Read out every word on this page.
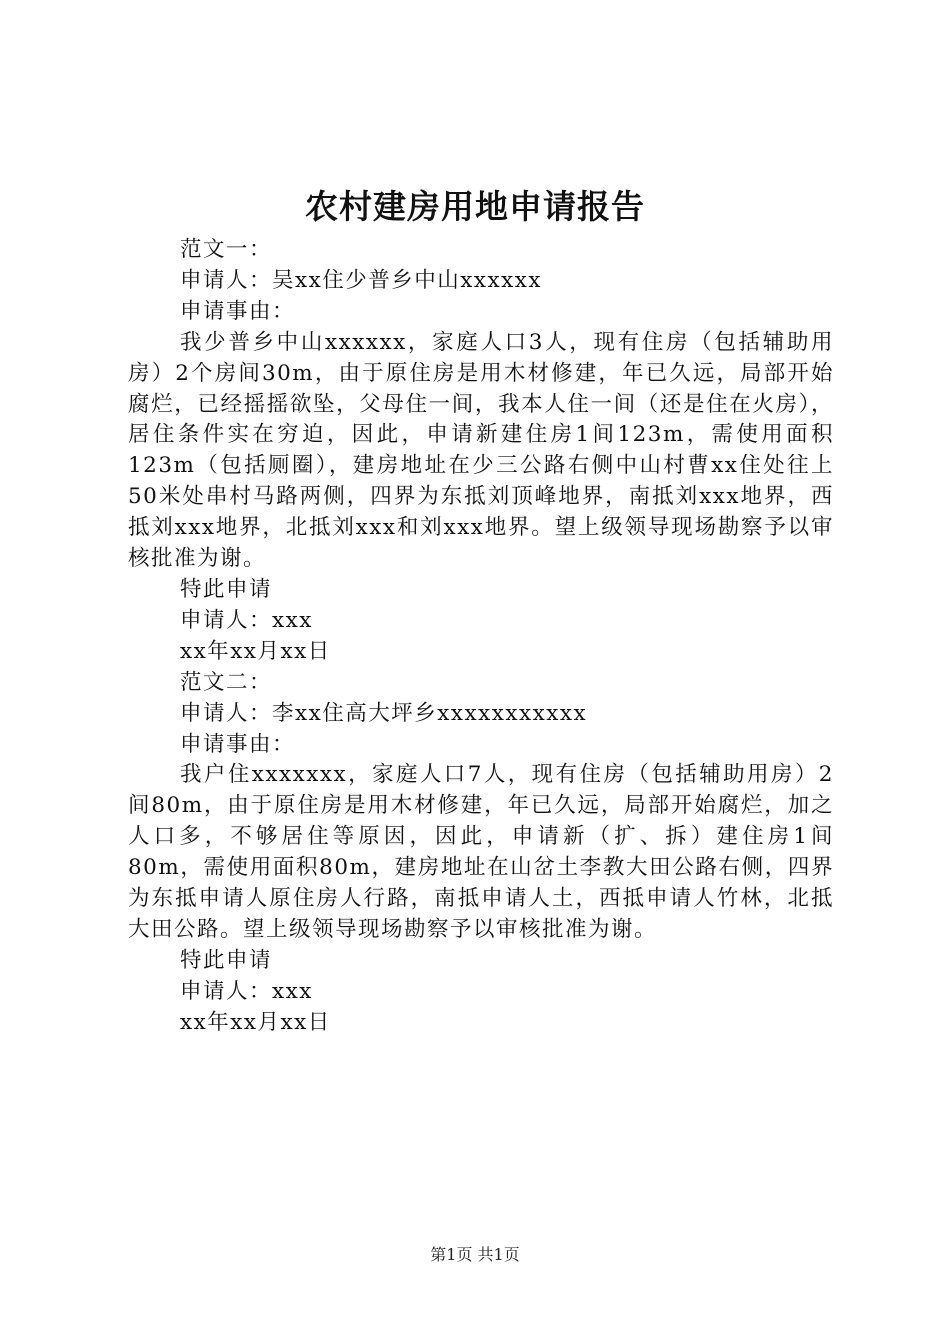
农村建房用地申请报告

范文一：

申请人：吴xx住少普乡中山xxxxxx

申请事由：

我少普乡中山xxxxxx，家庭人口3人，现有住房（包括辅助用房）2个房间30m，由于原住房是用木材修建，年已久远，局部开始腐烂，已经摇摇欲坠，父母住一间，我本人住一间（还是住在火房），居住条件实在穷迫，因此，申请新建住房1间123m，需使用面积123m（包括厕圈），建房地址在少三公路右侧中山村曹xx住处往上50米处串村马路两侧，四界为东抵刘顶峰地界，南抵刘xxx地界，西抵刘xxx地界，北抵刘xxx和刘xxx地界。望上级领导现场勘察予以审核批准为谢。

特此申请

申请人：xxx

xx年xx月xx日

范文二：

申请人：李xx住高大坪乡xxxxxxxxxxx

申请事由：

我户住xxxxxxx，家庭人口7人，现有住房（包括辅助用房）2间80m，由于原住房是用木材修建，年已久远，局部开始腐烂，加之人口多，不够居住等原因，因此，申请新（扩、拆）建住房1间80m，需使用面积80m，建房地址在山岔土李教大田公路右侧，四界为东抵申请人原住房人行路，南抵申请人土，西抵申请人竹林，北抵大田公路。望上级领导现场勘察予以审核批准为谢。

特此申请

申请人：xxx

xx年xx月xx日

第1页 共1页
